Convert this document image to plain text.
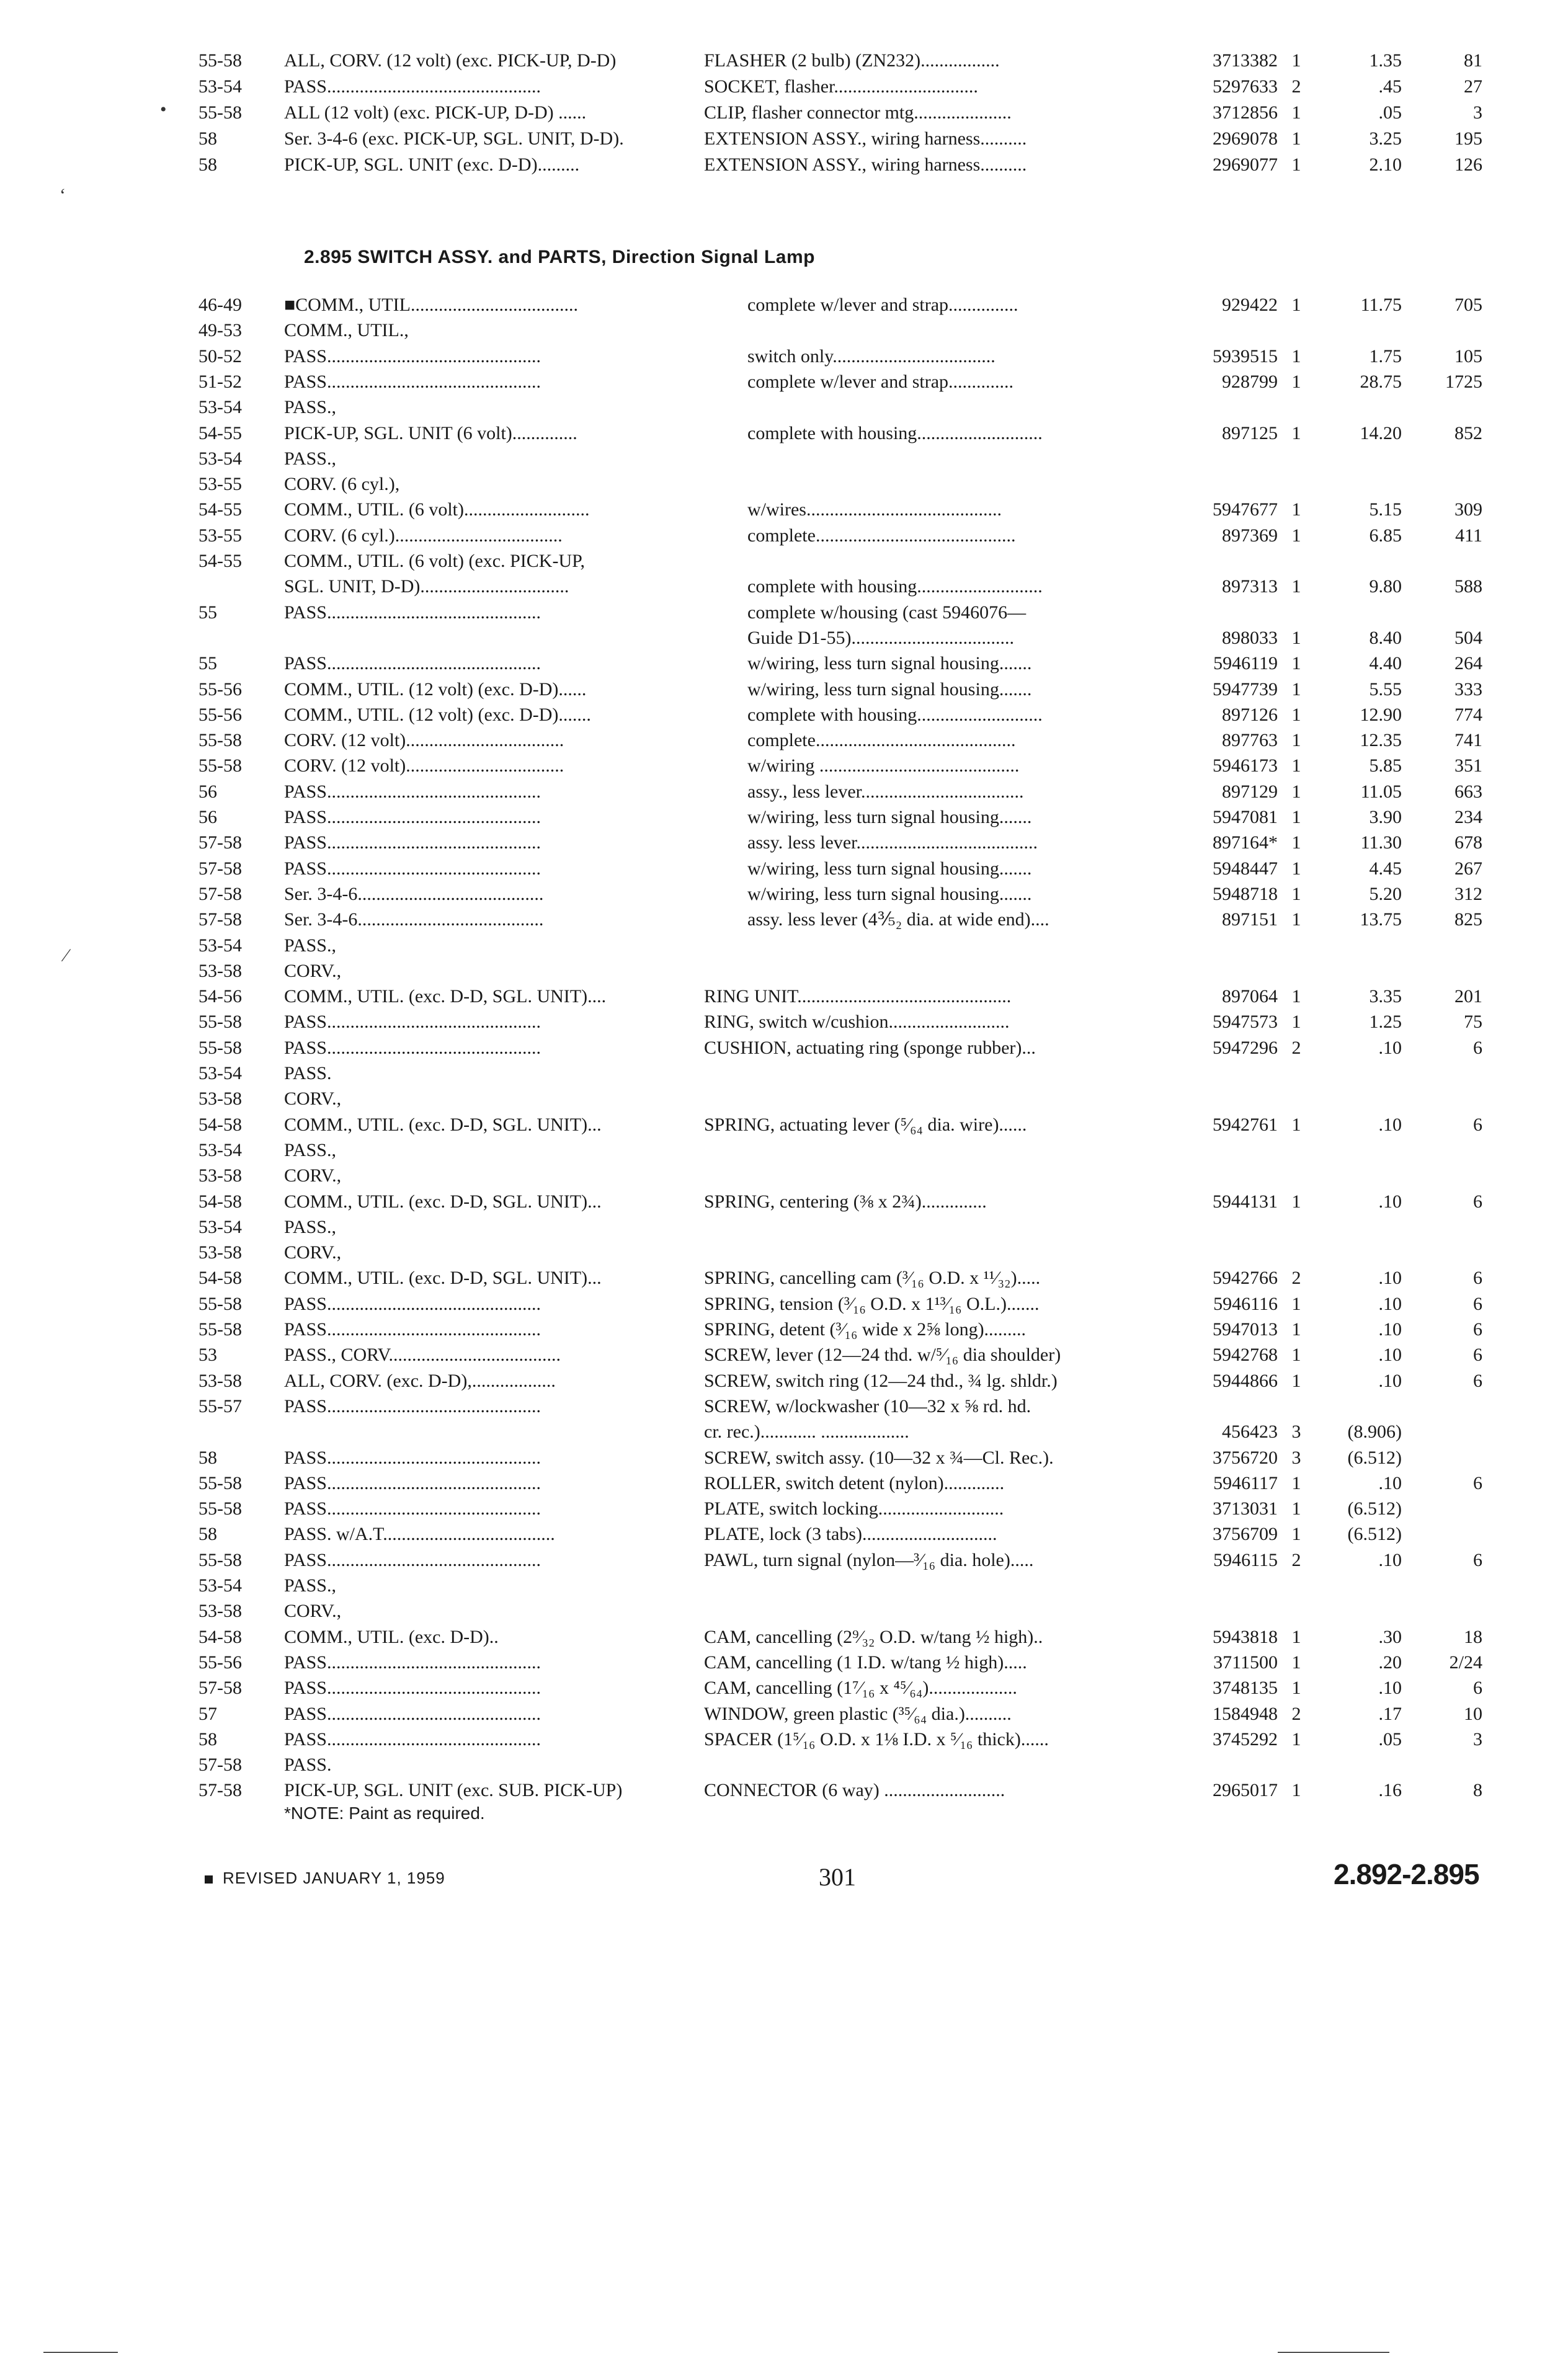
55-58	ALL, CORV. (12 volt) (exc. PICK-UP, D-D)	FLASHER (2 bulb) (ZN232).................	3713382 1	1.35	81
53-54	PASS..............................................	SOCKET, flasher...............................	5297633 2	.45	27
55-58	ALL (12 volt) (exc. PICK-UP, D-D) ......	CLIP, flasher connector mtg.....................	3712856 1	.05	3
58	Ser. 3-4-6 (exc. PICK-UP, SGL. UNIT, D-D).	EXTENSION ASSY., wiring harness..........	2969078 1	3.25	195
58	PICK-UP, SGL. UNIT (exc. D-D).........	EXTENSION ASSY., wiring harness..........	2969077 1	2.10	126
2.895 SWITCH ASSY. and PARTS, Direction Signal Lamp
46-49	■COMM., UTIL....................................	complete w/lever and strap...............	929422 1	11.75	705
49-53	COMM., UTIL.,
50-52	PASS..............................................	switch only...................................	5939515 1	1.75	105
51-52	PASS..............................................	complete w/lever and strap..............	928799 1	28.75	1725
53-54	PASS.,
54-55	PICK-UP, SGL. UNIT (6 volt)..............	complete with housing...........................	897125 1	14.20	852
53-54	PASS.,
53-55	CORV. (6 cyl.),
54-55	COMM., UTIL. (6 volt)...........................	w/wires..........................................	5947677 1	5.15	309
53-55	CORV. (6 cyl.)....................................	complete...........................................	897369 1	6.85	411
54-55	COMM., UTIL. (6 volt) (exc. PICK-UP,
SGL. UNIT, D-D)................................	complete with housing...........................	897313 1	9.80	588
55	PASS..............................................	complete w/housing (cast 5946076—
Guide D1-55)...................................	898033 1	8.40	504
55	PASS..............................................	w/wiring, less turn signal housing.......	5946119 1	4.40	264
55-56	COMM., UTIL. (12 volt) (exc. D-D)......	w/wiring, less turn signal housing.......	5947739 1	5.55	333
55-56	COMM., UTIL. (12 volt) (exc. D-D).......	complete with housing...........................	897126 1	12.90	774
55-58	CORV. (12 volt)..................................	complete...........................................	897763 1	12.35	741
55-58	CORV. (12 volt)..................................	w/wiring ...........................................	5946173 1	5.85	351
56	PASS..............................................	assy., less lever...................................	897129 1	11.05	663
56	PASS..............................................	w/wiring, less turn signal housing.......	5947081 1	3.90	234
57-58	PASS..............................................	assy. less lever.......................................	897164* 1	11.30	678
57-58	PASS..............................................	w/wiring, less turn signal housing.......	5948447 1	4.45	267
57-58	Ser. 3-4-6........................................	w/wiring, less turn signal housing.......	5948718 1	5.20	312
57-58	Ser. 3-4-6........................................	assy. less lever (4⅗₂ dia. at wide end)....	897151 1	13.75	825
53-54	PASS.,
53-58	CORV.,
54-56	COMM., UTIL. (exc. D-D, SGL. UNIT)....	RING UNIT..............................................	897064 1	3.35	201
55-58	PASS..............................................	RING, switch w/cushion..........................	5947573 1	1.25	75
55-58	PASS..............................................	CUSHION, actuating ring (sponge rubber)...	5947296 2	.10	6
53-54	PASS.
53-58	CORV.,
54-58	COMM., UTIL. (exc. D-D, SGL. UNIT)...	SPRING, actuating lever (⁵⁄₆₄ dia. wire)......	5942761 1	.10	6
53-54	PASS.,
53-58	CORV.,
54-58	COMM., UTIL. (exc. D-D, SGL. UNIT)...	SPRING, centering (⅜ x 2¾)..............	5944131 1	.10	6
53-54	PASS.,
53-58	CORV.,
54-58	COMM., UTIL. (exc. D-D, SGL. UNIT)...	SPRING, cancelling cam (³⁄₁₆ O.D. x ¹¹⁄₃₂).....	5942766 2	.10	6
55-58	PASS..............................................	SPRING, tension (³⁄₁₆ O.D. x 1¹³⁄₁₆ O.L.).......	5946116 1	.10	6
55-58	PASS..............................................	SPRING, detent (³⁄₁₆ wide x 2⅝ long).........	5947013 1	.10	6
53	PASS., CORV.....................................	SCREW, lever (12—24 thd. w/⁵⁄₁₆ dia shoulder)	5942768 1	.10	6
53-58	ALL, CORV. (exc. D-D),..................	SCREW, switch ring (12—24 thd., ¾ lg. shldr.)	5944866 1	.10	6
55-57	PASS..............................................	SCREW, w/lockwasher (10—32 x ⅝ rd. hd.
cr. rec.)............ ...................	456423 3	(8.906)
58	PASS..............................................	SCREW, switch assy. (10—32 x ¾—Cl. Rec.).	3756720 3	(6.512)
55-58	PASS..............................................	ROLLER, switch detent (nylon).............	5946117 1	.10	6
55-58	PASS..............................................	PLATE, switch locking...........................	3713031 1	(6.512)
58	PASS. w/A.T.....................................	PLATE, lock (3 tabs).............................	3756709 1	(6.512)
55-58	PASS..............................................	PAWL, turn signal (nylon—³⁄₁₆ dia. hole).....	5946115 2	.10	6
53-54	PASS.,
53-58	CORV.,
54-58	COMM., UTIL. (exc. D-D)..	CAM, cancelling (2⁹⁄₃₂ O.D. w/tang ½ high)..	5943818 1	.30	18
55-56	PASS..............................................	CAM, cancelling (1 I.D. w/tang ½ high).....	3711500 1	.20	2/24
57-58	PASS..............................................	CAM, cancelling (1⁷⁄₁₆ x ⁴⁵⁄₆₄)...................	3748135 1	.10	6
57	PASS..............................................	WINDOW, green plastic (³⁵⁄₆₄ dia.)..........	1584948 2	.17	10
58	PASS..............................................	SPACER (1⁵⁄₁₆ O.D. x 1⅛ I.D. x ⁵⁄₁₆ thick)......	3745292 1	.05	3
57-58	PASS.
57-58	PICK-UP, SGL. UNIT (exc. SUB. PICK-UP)	CONNECTOR (6 way) ..........................	2965017 1	.16	8
*NOTE: Paint as required.
REVISED JANUARY 1, 1959	301	2.892-2.895
•
ʻ
⁄
